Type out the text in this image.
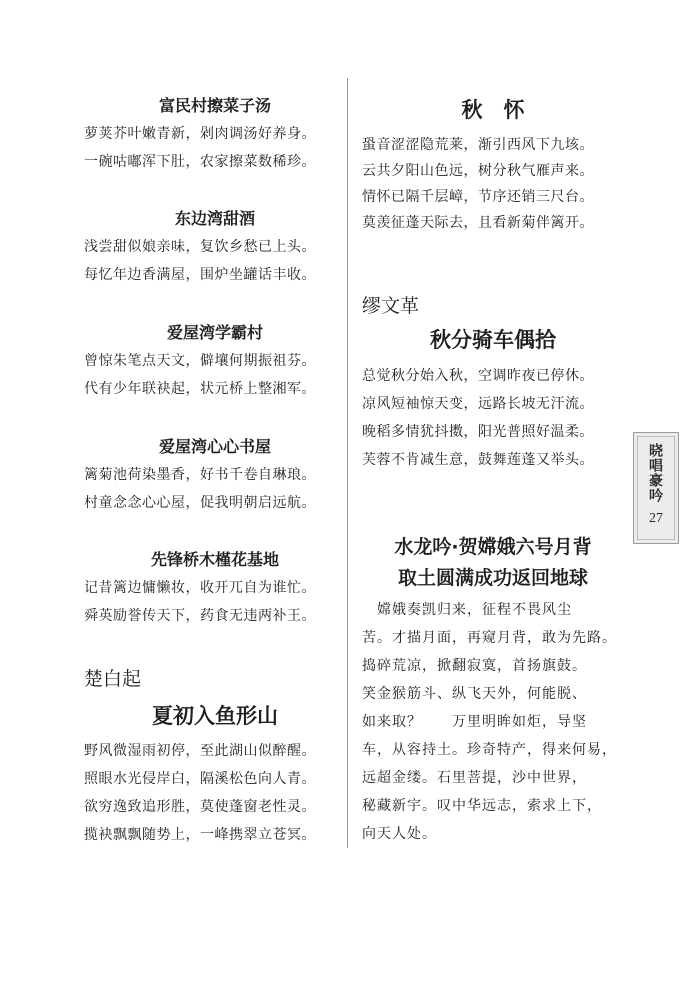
富民村擦菜子汤
萝荚芥叶嫩青新，剁肉调汤好养身。
一碗咕嘟浑下肚，农家擦菜数稀珍。
东边湾甜酒
浅尝甜似娘亲味，复饮乡愁已上头。
每忆年边香满屋，围炉坐罐话丰收。
爱屋湾学霸村
曾惊朱笔点天文，僻壤何期振祖芬。
代有少年联袂起，状元桥上整湘军。
爱屋湾心心书屋
篱菊池荷染墨香，好书千卷自琳琅。
村童念念心心屋，促我明朝启远航。
先锋桥木槿花基地
记昔篱边慵懒妆，收开兀自为谁忙。
舜英励誉传天下，药食无违两补王。
楚白起
夏初入鱼形山
野风微湿雨初停，至此湖山似醉醒。
照眼水光侵岸白，隔溪松色向人青。
欲穷逸致追形胜，莫使蓬窗老性灵。
揽袂飘飘随势上，一峰携翠立苍冥。
秋　怀
蛩音涩涩隐荒莱，渐引西风下九垓。
云共夕阳山色远，树分秋气雁声来。
情怀已隔千层嶂，节序还销三尺台。
莫羡征蓬天际去，且看新菊伴篱开。
缪文革
秋分骑车偶拾
总觉秋分始入秋，空调昨夜已停休。
凉风短袖惊天变，远路长坡无汗流。
晚稻多情犹抖擞，阳光普照好温柔。
芙蓉不肯减生意，鼓舞莲蓬又举头。
水龙吟·贺嫦娥六号月背
取土圆满成功返回地球
　嫦娥奏凯归来，征程不畏风尘
苦。才描月面，再窥月背，敢为先路。
捣碎荒凉，掀翻寂寞，首扬旗鼓。
笑金猴筋斗、纵飞天外，何能脱、
如来取？　　万里明眸如炬，导坚
车，从容持土。珍奇特产，得来何易，
远超金缕。石里菩提，沙中世界，
秘藏新宇。叹中华远志，索求上下，
向天人处。
晓唱豪吟
27
